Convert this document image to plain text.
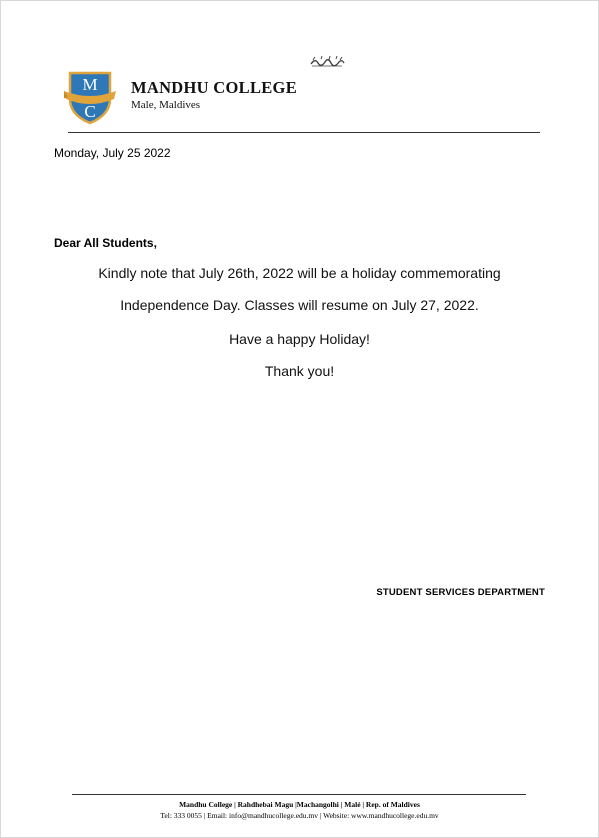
M
C
MANDHU COLLEGE
Male, Maldives
Monday, July 25 2022
Dear All Students,
Kindly note that July 26th, 2022 will be a holiday commemorating
Independence Day. Classes will resume on July 27, 2022.
Have a happy Holiday!
Thank you!
STUDENT SERVICES DEPARTMENT
Mandhu College | Rahdhebai Magu |Machangolhi | Malé | Rep. of Maldives
Tel: 333 0055 | Email: info@mandhucollege.edu.mv | Website: www.mandhucollege.edu.mv
